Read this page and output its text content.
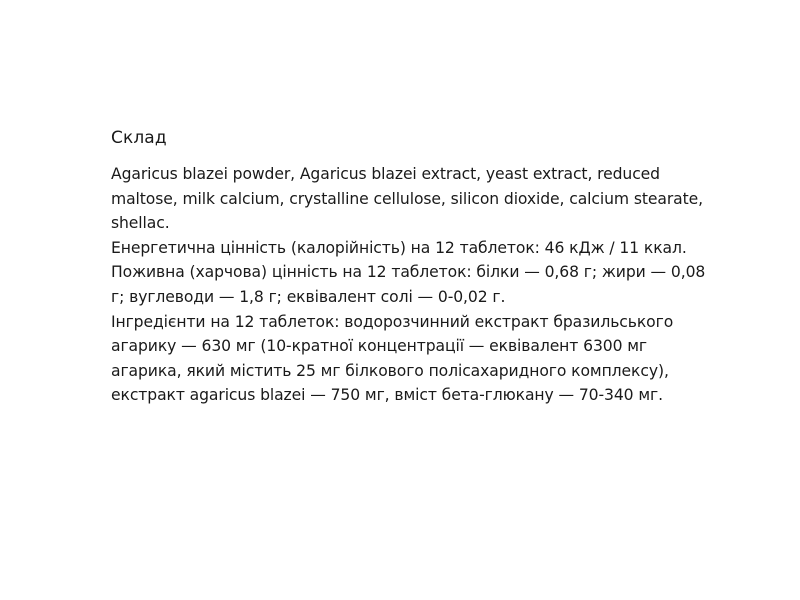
Склад

Agaricus blazei powder, Agaricus blazei extract, yeast extract, reduced maltose, milk calcium, crystalline cellulose, silicon dioxide, calcium stearate, shellac.

Енергетична цінність (калорійність) на 12 таблеток: 46 кДж / 11 ккал.

Поживна (харчова) цінність на 12 таблеток: білки — 0,68 г; жири — 0,08 г; вуглеводи — 1,8 г; еквівалент солі — 0-0,02 г.

Інгредієнти на 12 таблеток: водорозчинний екстракт бразильського агарику — 630 мг (10-кратної концентрації — еквівалент 6300 мг агарика, який містить 25 мг білкового полісахаридного комплексу), екстракт agaricus blazei — 750 мг, вміст бета-глюкану — 70-340 мг.
